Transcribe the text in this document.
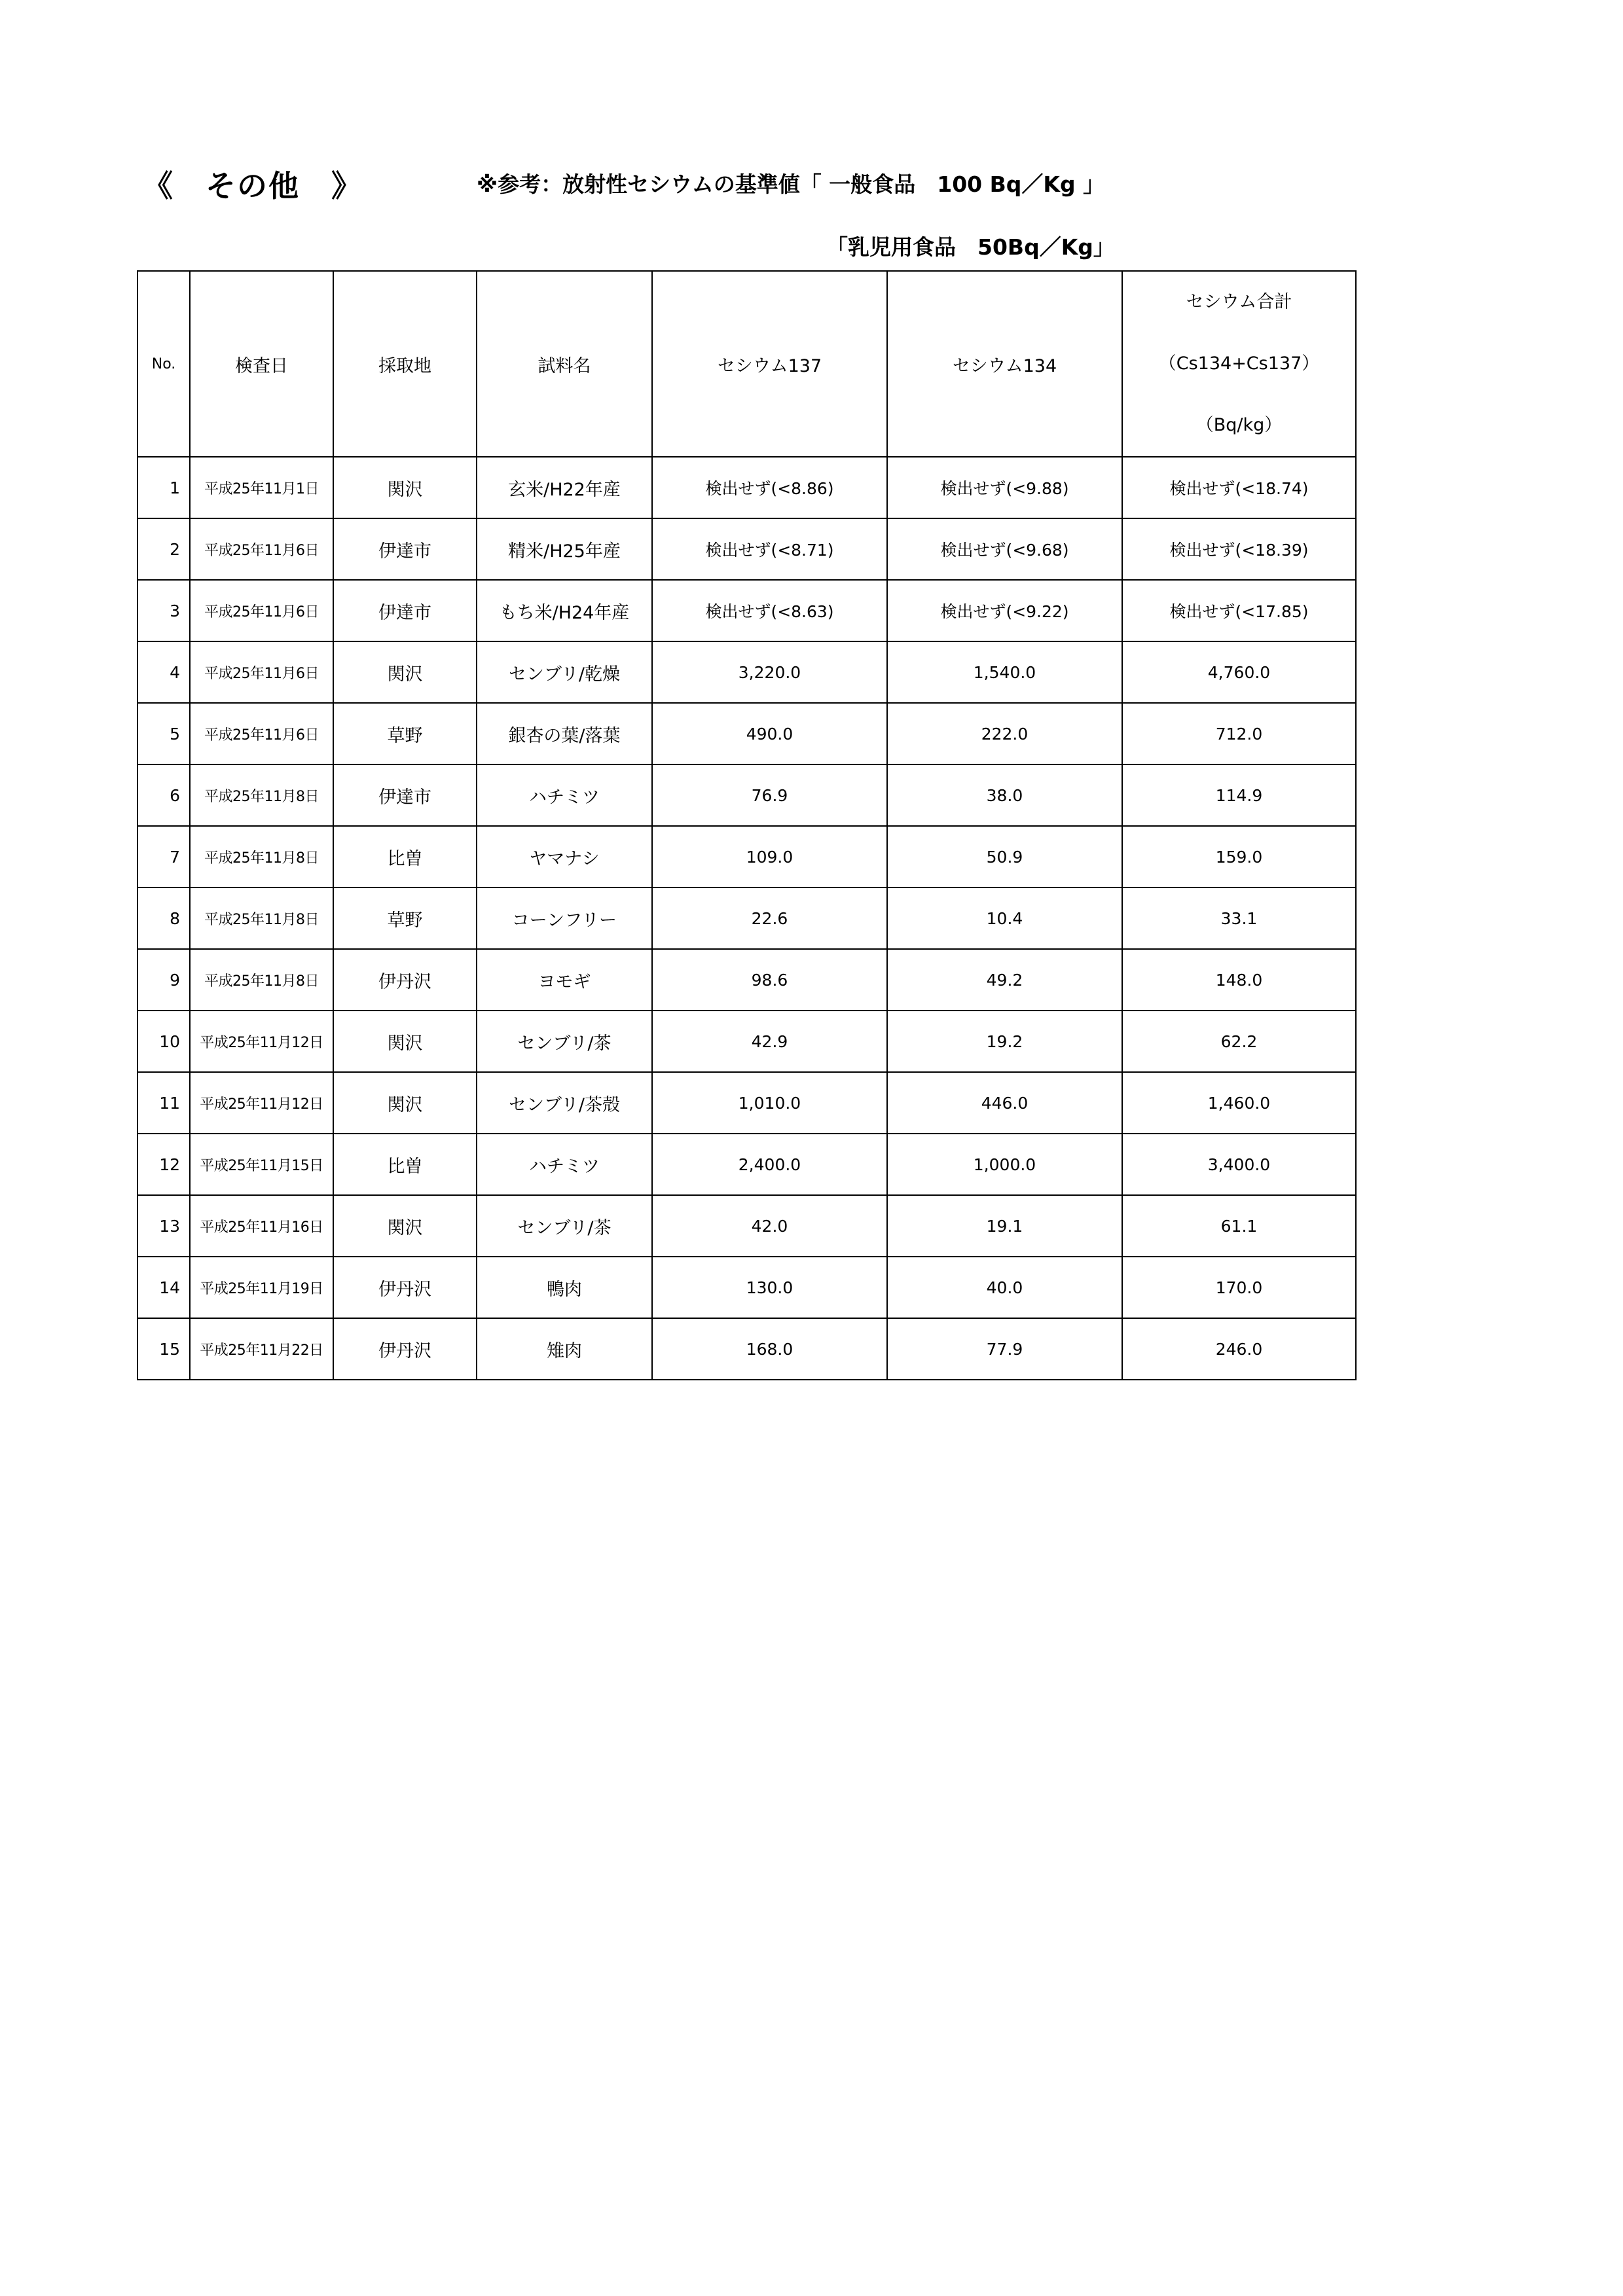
《　その他　》	※参考：放射性セシウムの基準値「 一般食品　100 Bq／Kg 」
「乳児用食品　50Bq／Kg」
No.	検査日	採取地	試料名	セシウム137	セシウム134	セシウム合計
（Cs134+Cs137）
（Bq/kg）

1	平成25年11月1日	関沢	玄米/H22年産	検出せず(<8.86)	検出せず(<9.88)	検出せず(<18.74)
2	平成25年11月6日	伊達市	精米/H25年産	検出せず(<8.71)	検出せず(<9.68)	検出せず(<18.39)
3	平成25年11月6日	伊達市	もち米/H24年産	検出せず(<8.63)	検出せず(<9.22)	検出せず(<17.85)
4	平成25年11月6日	関沢	センブリ/乾燥	3,220.0	1,540.0	4,760.0
5	平成25年11月6日	草野	銀杏の葉/落葉	490.0	222.0	712.0
6	平成25年11月8日	伊達市	ハチミツ	76.9	38.0	114.9
7	平成25年11月8日	比曽	ヤマナシ	109.0	50.9	159.0
8	平成25年11月8日	草野	コーンフリー	22.6	10.4	33.1
9	平成25年11月8日	伊丹沢	ヨモギ	98.6	49.2	148.0
10	平成25年11月12日	関沢	センブリ/茶	42.9	19.2	62.2
11	平成25年11月12日	関沢	センブリ/茶殻	1,010.0	446.0	1,460.0
12	平成25年11月15日	比曽	ハチミツ	2,400.0	1,000.0	3,400.0
13	平成25年11月16日	関沢	センブリ/茶	42.0	19.1	61.1
14	平成25年11月19日	伊丹沢	鴨肉	130.0	40.0	170.0
15	平成25年11月22日	伊丹沢	雉肉	168.0	77.9	246.0
